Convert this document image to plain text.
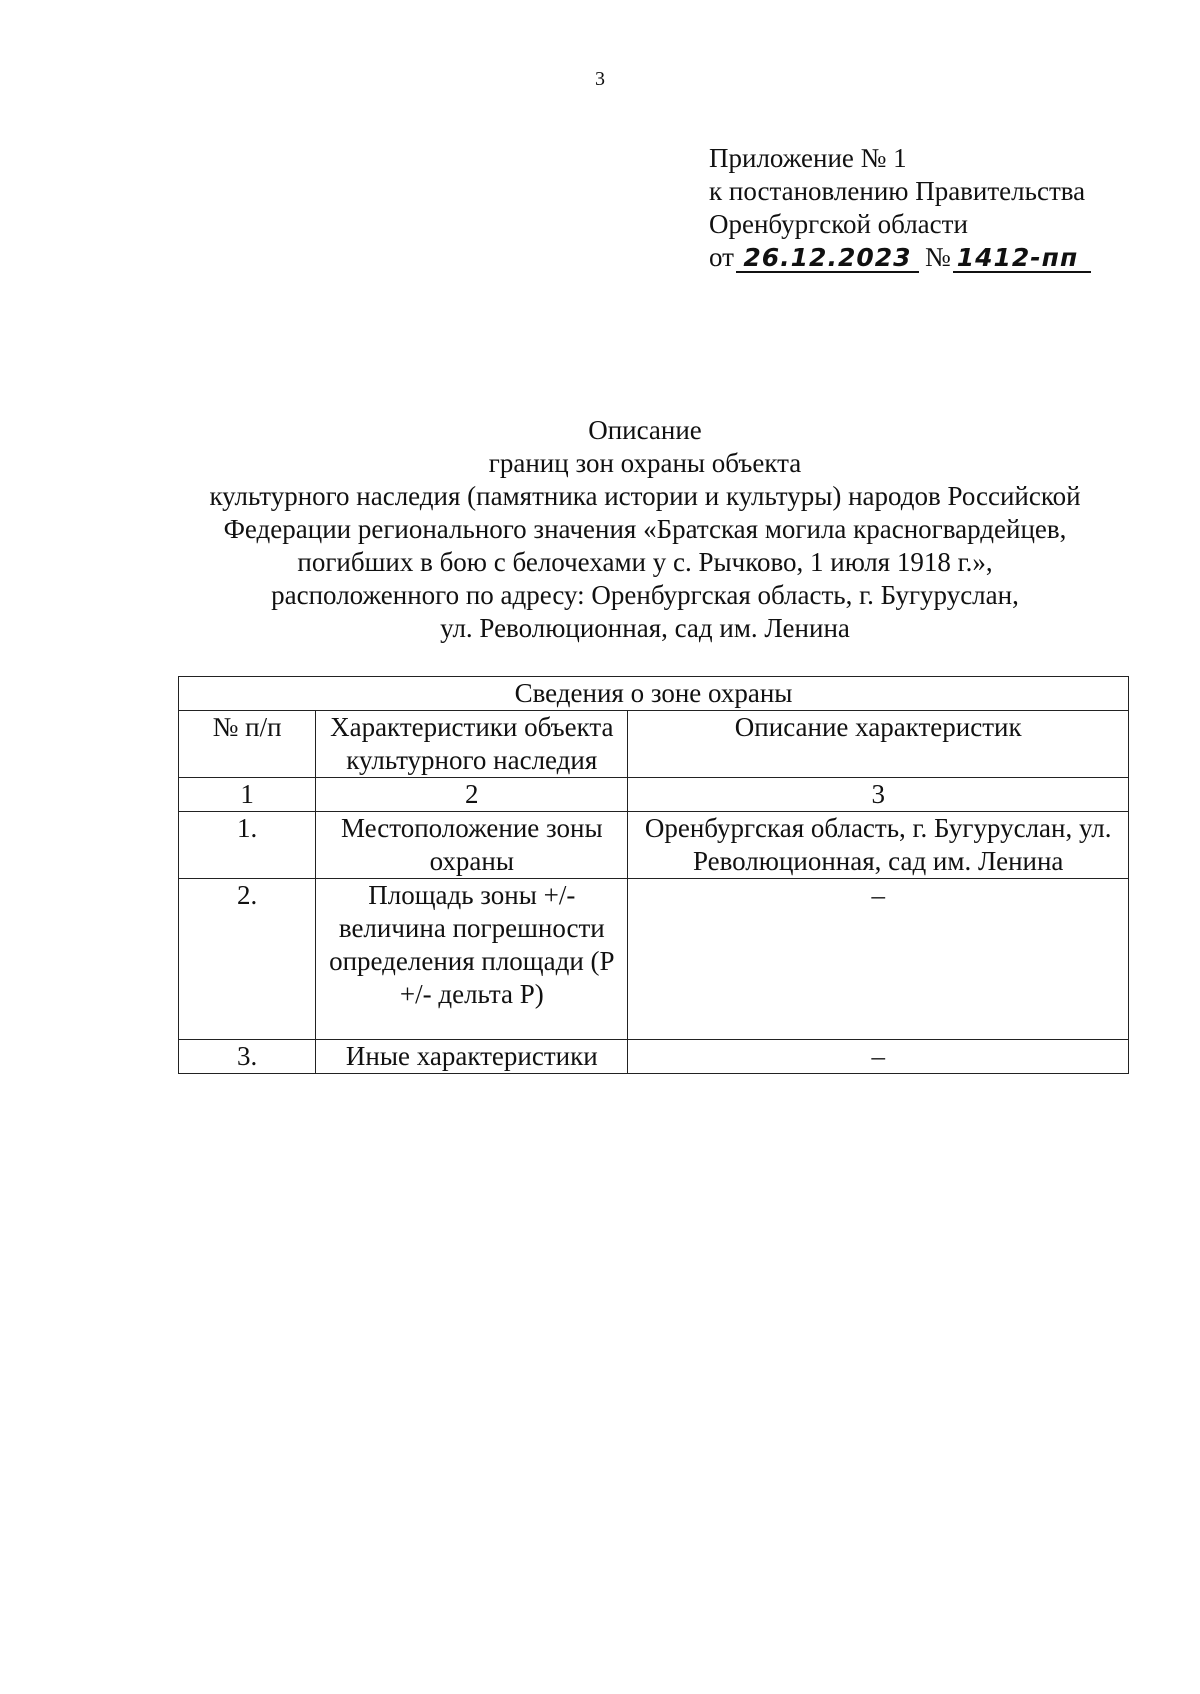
3
Приложение № 1
к постановлению Правительства
Оренбургской области
от 26.12.2023 № 1412-пп
Описание
границ зон охраны объекта
культурного наследия (памятника истории и культуры) народов Российской
Федерации регионального значения «Братская могила красногвардейцев,
погибших в бою с белочехами у с. Рычково, 1 июля 1918 г.»,
расположенного по адресу: Оренбургская область, г. Бугуруслан,
ул. Революционная, сад им. Ленина
Сведения о зоне охраны		
№ п/п	Характеристики объекта культурного наследия	Описание характеристик
1	2	3
1.	Местоположение зоны охраны	Оренбургская область, г. Бугуруслан, ул. Революционная, сад им. Ленина
2.	Площадь зоны +/- величина погрешности определения площади (P +/- дельта P)	–
3.	Иные характеристики	–
